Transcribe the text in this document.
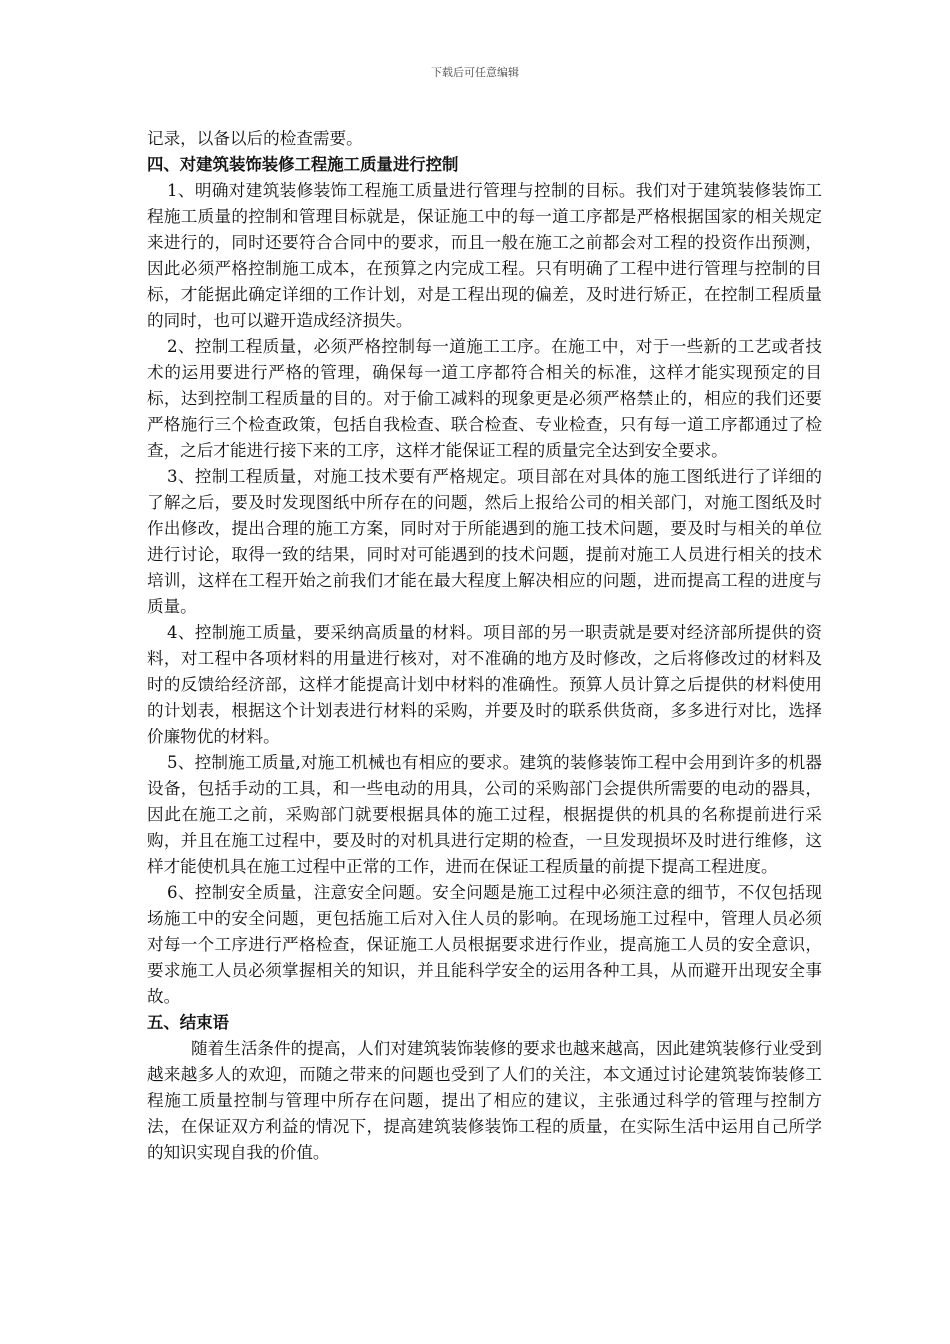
下载后可任意编辑

记录，以备以后的检查需要。

四、对建筑装饰装修工程施工质量进行控制

1、明确对建筑装修装饰工程施工质量进行管理与控制的目标。我们对于建筑装修装饰工程施工质量的控制和管理目标就是，保证施工中的每一道工序都是严格根据国家的相关规定来进行的，同时还要符合合同中的要求，而且一般在施工之前都会对工程的投资作出预测，因此必须严格控制施工成本，在预算之内完成工程。只有明确了工程中进行管理与控制的目标，才能据此确定详细的工作计划，对是工程出现的偏差，及时进行矫正，在控制工程质量的同时，也可以避开造成经济损失。

2、控制工程质量，必须严格控制每一道施工工序。在施工中，对于一些新的工艺或者技术的运用要进行严格的管理，确保每一道工序都符合相关的标准，这样才能实现预定的目标，达到控制工程质量的目的。对于偷工减料的现象更是必须严格禁止的，相应的我们还要严格施行三个检查政策，包括自我检查、联合检查、专业检查，只有每一道工序都通过了检查，之后才能进行接下来的工序，这样才能保证工程的质量完全达到安全要求。

3、控制工程质量，对施工技术要有严格规定。项目部在对具体的施工图纸进行了详细的了解之后，要及时发现图纸中所存在的问题，然后上报给公司的相关部门，对施工图纸及时作出修改，提出合理的施工方案，同时对于所能遇到的施工技术问题，要及时与相关的单位进行讨论，取得一致的结果，同时对可能遇到的技术问题，提前对施工人员进行相关的技术培训，这样在工程开始之前我们才能在最大程度上解决相应的问题，进而提高工程的进度与质量。

4、控制施工质量，要采纳高质量的材料。项目部的另一职责就是要对经济部所提供的资料，对工程中各项材料的用量进行核对，对不准确的地方及时修改，之后将修改过的材料及时的反馈给经济部，这样才能提高计划中材料的准确性。预算人员计算之后提供的材料使用的计划表，根据这个计划表进行材料的采购，并要及时的联系供货商，多多进行对比，选择价廉物优的材料。

5、控制施工质量,对施工机械也有相应的要求。建筑的装修装饰工程中会用到许多的机器设备，包括手动的工具，和一些电动的用具，公司的采购部门会提供所需要的电动的器具，因此在施工之前，采购部门就要根据具体的施工过程，根据提供的机具的名称提前进行采购，并且在施工过程中，要及时的对机具进行定期的检查，一旦发现损坏及时进行维修，这样才能使机具在施工过程中正常的工作，进而在保证工程质量的前提下提高工程进度。

6、控制安全质量，注意安全问题。安全问题是施工过程中必须注意的细节，不仅包括现场施工中的安全问题，更包括施工后对入住人员的影响。在现场施工过程中，管理人员必须对每一个工序进行严格检查，保证施工人员根据要求进行作业，提高施工人员的安全意识，要求施工人员必须掌握相关的知识，并且能科学安全的运用各种工具，从而避开出现安全事故。

五、结束语

随着生活条件的提高，人们对建筑装饰装修的要求也越来越高，因此建筑装修行业受到越来越多人的欢迎，而随之带来的问题也受到了人们的关注，本文通过讨论建筑装饰装修工程施工质量控制与管理中所存在问题，提出了相应的建议，主张通过科学的管理与控制方法，在保证双方利益的情况下，提高建筑装修装饰工程的质量，在实际生活中运用自己所学的知识实现自我的价值。
